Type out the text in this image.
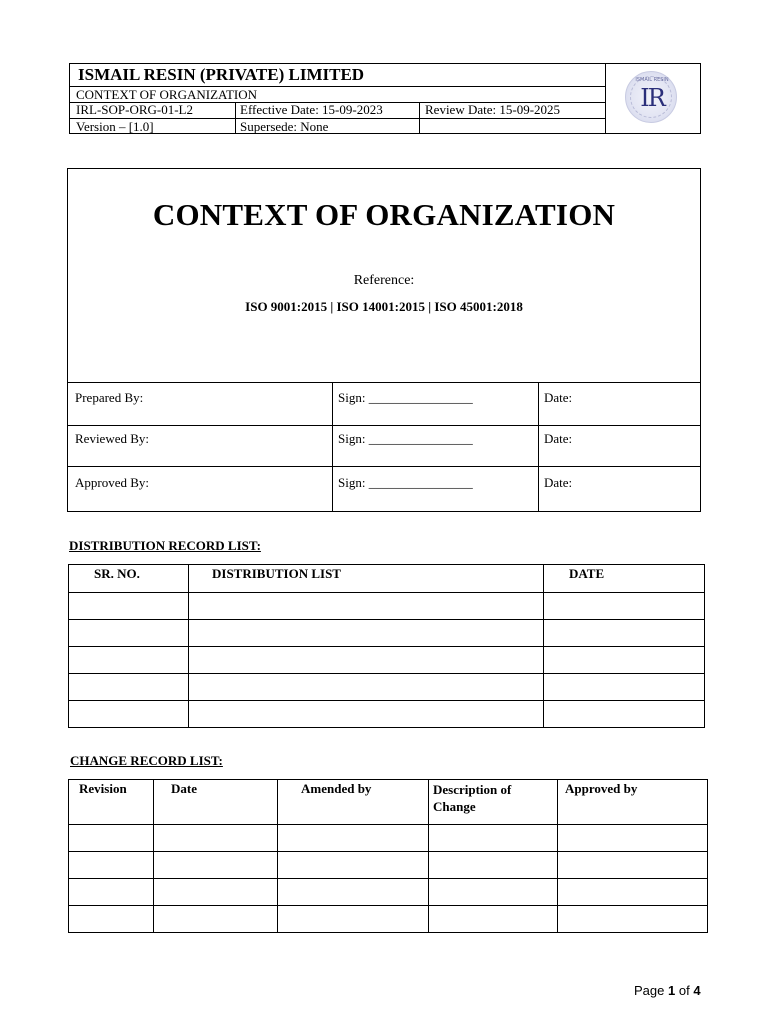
ISMAIL RESIN (PRIVATE) LIMITED
CONTEXT OF ORGANIZATION
IRL-SOP-ORG-01-L2	Effective Date: 15-09-2023	Review Date: 15-09-2025
Version – [1.0]	Supersede: None
ISMAIL RESIN
IR
CONTEXT OF ORGANIZATION
Reference:
ISO 9001:2015 | ISO 14001:2015 | ISO 45001:2018
Prepared By:	Sign: ________________	Date:
Reviewed By:	Sign: ________________	Date:
Approved By:	Sign: ________________	Date:
DISTRIBUTION RECORD LIST:
SR. NO.	DISTRIBUTION LIST	DATE

CHANGE RECORD LIST:
Revision	Date	Amended by	Description of Change	Approved by

Page 1 of 4
